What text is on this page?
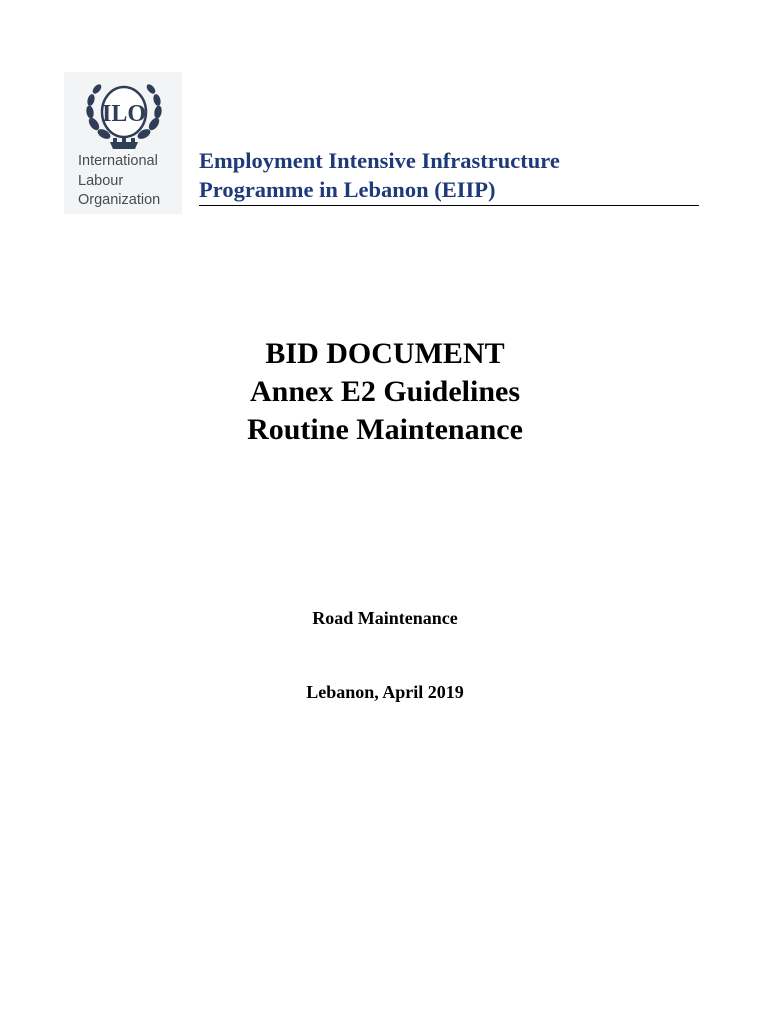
ILO
International
Labour
Organization
Employment Intensive Infrastructure
Programme in Lebanon (EIIP)
BID DOCUMENT
Annex E2 Guidelines
Routine Maintenance
Road Maintenance
Lebanon, April 2019
